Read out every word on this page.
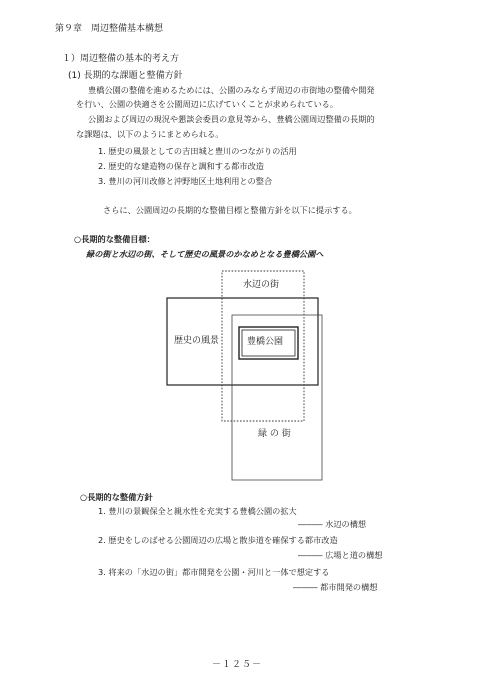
第９章　周辺整備基本構想
１）周辺整備の基本的考え方
(1) 長期的な課題と整備方針
豊橋公園の整備を進めるためには、公園のみならず周辺の市街地の整備や開発
を行い、公園の快適さを公園周辺に広げていくことが求められている。
公園および周辺の現況や懇談会委員の意見等から、豊橋公園周辺整備の長期的
な課題は、以下のようにまとめられる。
1. 歴史の風景としての吉田城と豊川のつながりの活用
2. 歴史的な建造物の保存と調和する都市改造
3. 豊川の河川改修と沖野地区土地利用との整合
さらに、公園周辺の長期的な整備目標と整備方針を以下に提示する。
○長期的な整備目標：
緑の街と水辺の街、そして歴史の風景のかなめとなる豊橋公園へ
水辺の街
歴史の風景	豊橋公園
緑 の 街
○長期的な整備方針
1. 豊川の景観保全と親水性を充実する豊橋公園の拡大
――― 水辺の構想
2. 歴史をしのばせる公園周辺の広場と散歩道を確保する都市改造
――― 広場と道の構想
3. 将来の「水辺の街」都市開発を公園・河川と一体で想定する
――― 都市開発の構想
－１２５－
